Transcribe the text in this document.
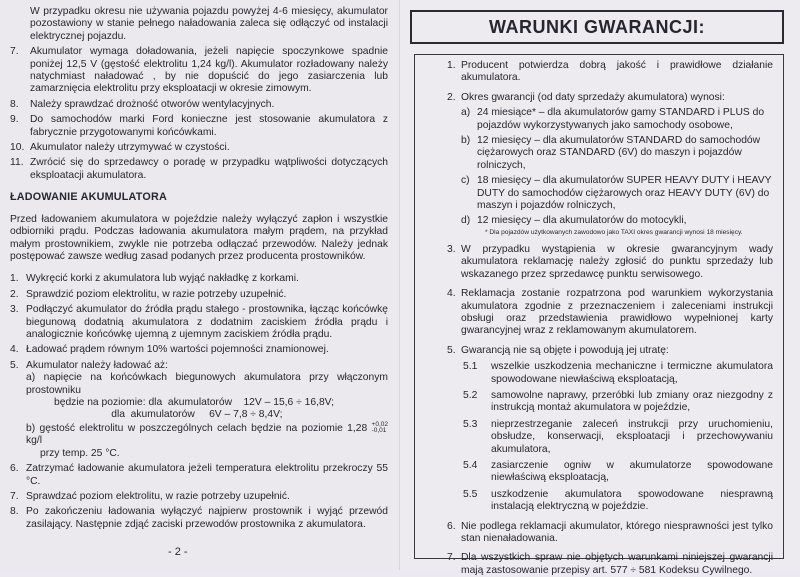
W przypadku okresu nie używania pojazdu powyżej 4-6 miesięcy, akumulator pozostawiony w stanie pełnego naładowania zaleca się odłączyć od instalacji elektrycznej pojazdu.
7. Akumulator wymaga doładowania, jeżeli napięcie spoczynkowe spadnie poniżej 12,5 V (gęstość elektrolitu 1,24 kg/l). Akumulator rozładowany należy natychmiast naładować , by nie dopuścić do jego zasiarczenia lub zamarznięcia elektrolitu przy eksploatacji w okresie zimowym.
8. Należy sprawdzać drożność otworów wentylacyjnych.
9. Do samochodów marki Ford konieczne jest stosowanie akumulatora z fabrycznie przygotowanymi końcówkami.
10. Akumulator należy utrzymywać w czystości.
11. Zwrócić się do sprzedawcy o poradę w przypadku wątpliwości dotyczących eksploatacji akumulatora.
ŁADOWANIE AKUMULATORA

Przed ładowaniem akumulatora w pojeździe należy wyłączyć zapłon i wszystkie odbiorniki prądu. Podczas ładowania akumulatora małym prądem, na przykład małym prostownikiem, zwykle nie potrzeba odłączać przewodów. Należy jednak postępować zawsze według zasad podanych przez producenta prostowników.

1. Wykręcić korki z akumulatora lub wyjąć nakładkę z korkami.
2. Sprawdzić poziom elektrolitu, w razie potrzeby uzupełnić.
3. Podłączyć akumulator do źródła prądu stałego - prostownika, łącząc końcówkę biegunową dodatnią akumulatora z dodatnim zaciskiem źródła prądu i analogicznie końcówkę ujemną z ujemnym zaciskiem źródła prądu.
4. Ładować prądem równym 10% wartości pojemności znamionowej.
5. Akumulator należy ładować aż:
a) napięcie na końcówkach biegunowych akumulatora przy włączonym prostowniku
będzie na poziomie: dla  akumulatorów    12V – 15,6 ÷ 16,8V;
dla  akumulatorów     6V – 7,8 ÷ 8,4V;
b) gęstość elektrolitu w poszczególnych celach będzie na poziomie 1,28 +0,02
-0,01
kg/l
przy temp. 25 °C.
6. Zatrzymać ładowanie akumulatora jeżeli temperatura elektrolitu przekroczy 55 °C.
7. Sprawdzać poziom elektrolitu, w razie potrzeby uzupełnić.
8. Po zakończeniu ładowania wyłączyć najpierw prostownik i wyjąć przewód zasilający. Następnie zdjąć zaciski przewodów prostownika z akumulatora.
- 2 -
WARUNKI GWARANCJI:
1. Producent potwierdza dobrą jakość i prawidłowe działanie akumulatora.
2. Okres gwarancji (od daty sprzedaży akumulatora) wynosi:
a) 24 miesiące* – dla akumulatorów gamy STANDARD i PLUS do pojazdów wykorzystywanych jako samochody osobowe,
b) 12 miesięcy – dla akumulatorów STANDARD do samochodów ciężarowych oraz STANDARD (6V) do maszyn i pojazdów rolniczych,
c) 18 miesięcy – dla akumulatorów SUPER HEAVY DUTY i HEAVY DUTY do samochodów ciężarowych oraz HEAVY DUTY (6V) do maszyn i pojazdów rolniczych,
d) 12 miesięcy – dla akumulatorów do motocykli,
* Dla pojazdów użytkowanych zawodowo jako TAXI okres gwarancji wynosi 18 miesięcy.
3. W przypadku wystąpienia w okresie gwarancyjnym wady akumulatora reklamację należy zgłosić do punktu sprzedaży lub wskazanego przez sprzedawcę punktu serwisowego.
4. Reklamacja zostanie rozpatrzona pod warunkiem wykorzystania akumulatora zgodnie z przeznaczeniem i zaleceniami instrukcji obsługi oraz przedstawienia prawidłowo wypełnionej karty gwarancyjnej wraz z reklamowanym akumulatorem.
5. Gwarancją nie są objęte i powodują jej utratę:
5.1 wszelkie uszkodzenia mechaniczne i termiczne akumulatora spowodowane niewłaściwą eksploatacją,
5.2 samowolne naprawy, przeróbki lub zmiany oraz niezgodny z instrukcją montaż akumulatora w pojeździe,
5.3 nieprzestrzeganie zaleceń instrukcji przy uruchomieniu, obsłudze, konserwacji, eksploatacji i przechowywaniu akumulatora,
5.4 zasiarczenie ogniw w akumulatorze spowodowane niewłaściwą eksploatacją,
5.5 uszkodzenie akumulatora spowodowane niesprawną instalacją elektryczną w pojeździe.
6. Nie podlega reklamacji akumulator, którego niesprawności jest tylko stan nienaładowania.
7. Dla wszystkich spraw nie objętych warunkami niniejszej gwarancji mają zastosowanie przepisy art. 577 ÷ 581 Kodeksu Cywilnego.
